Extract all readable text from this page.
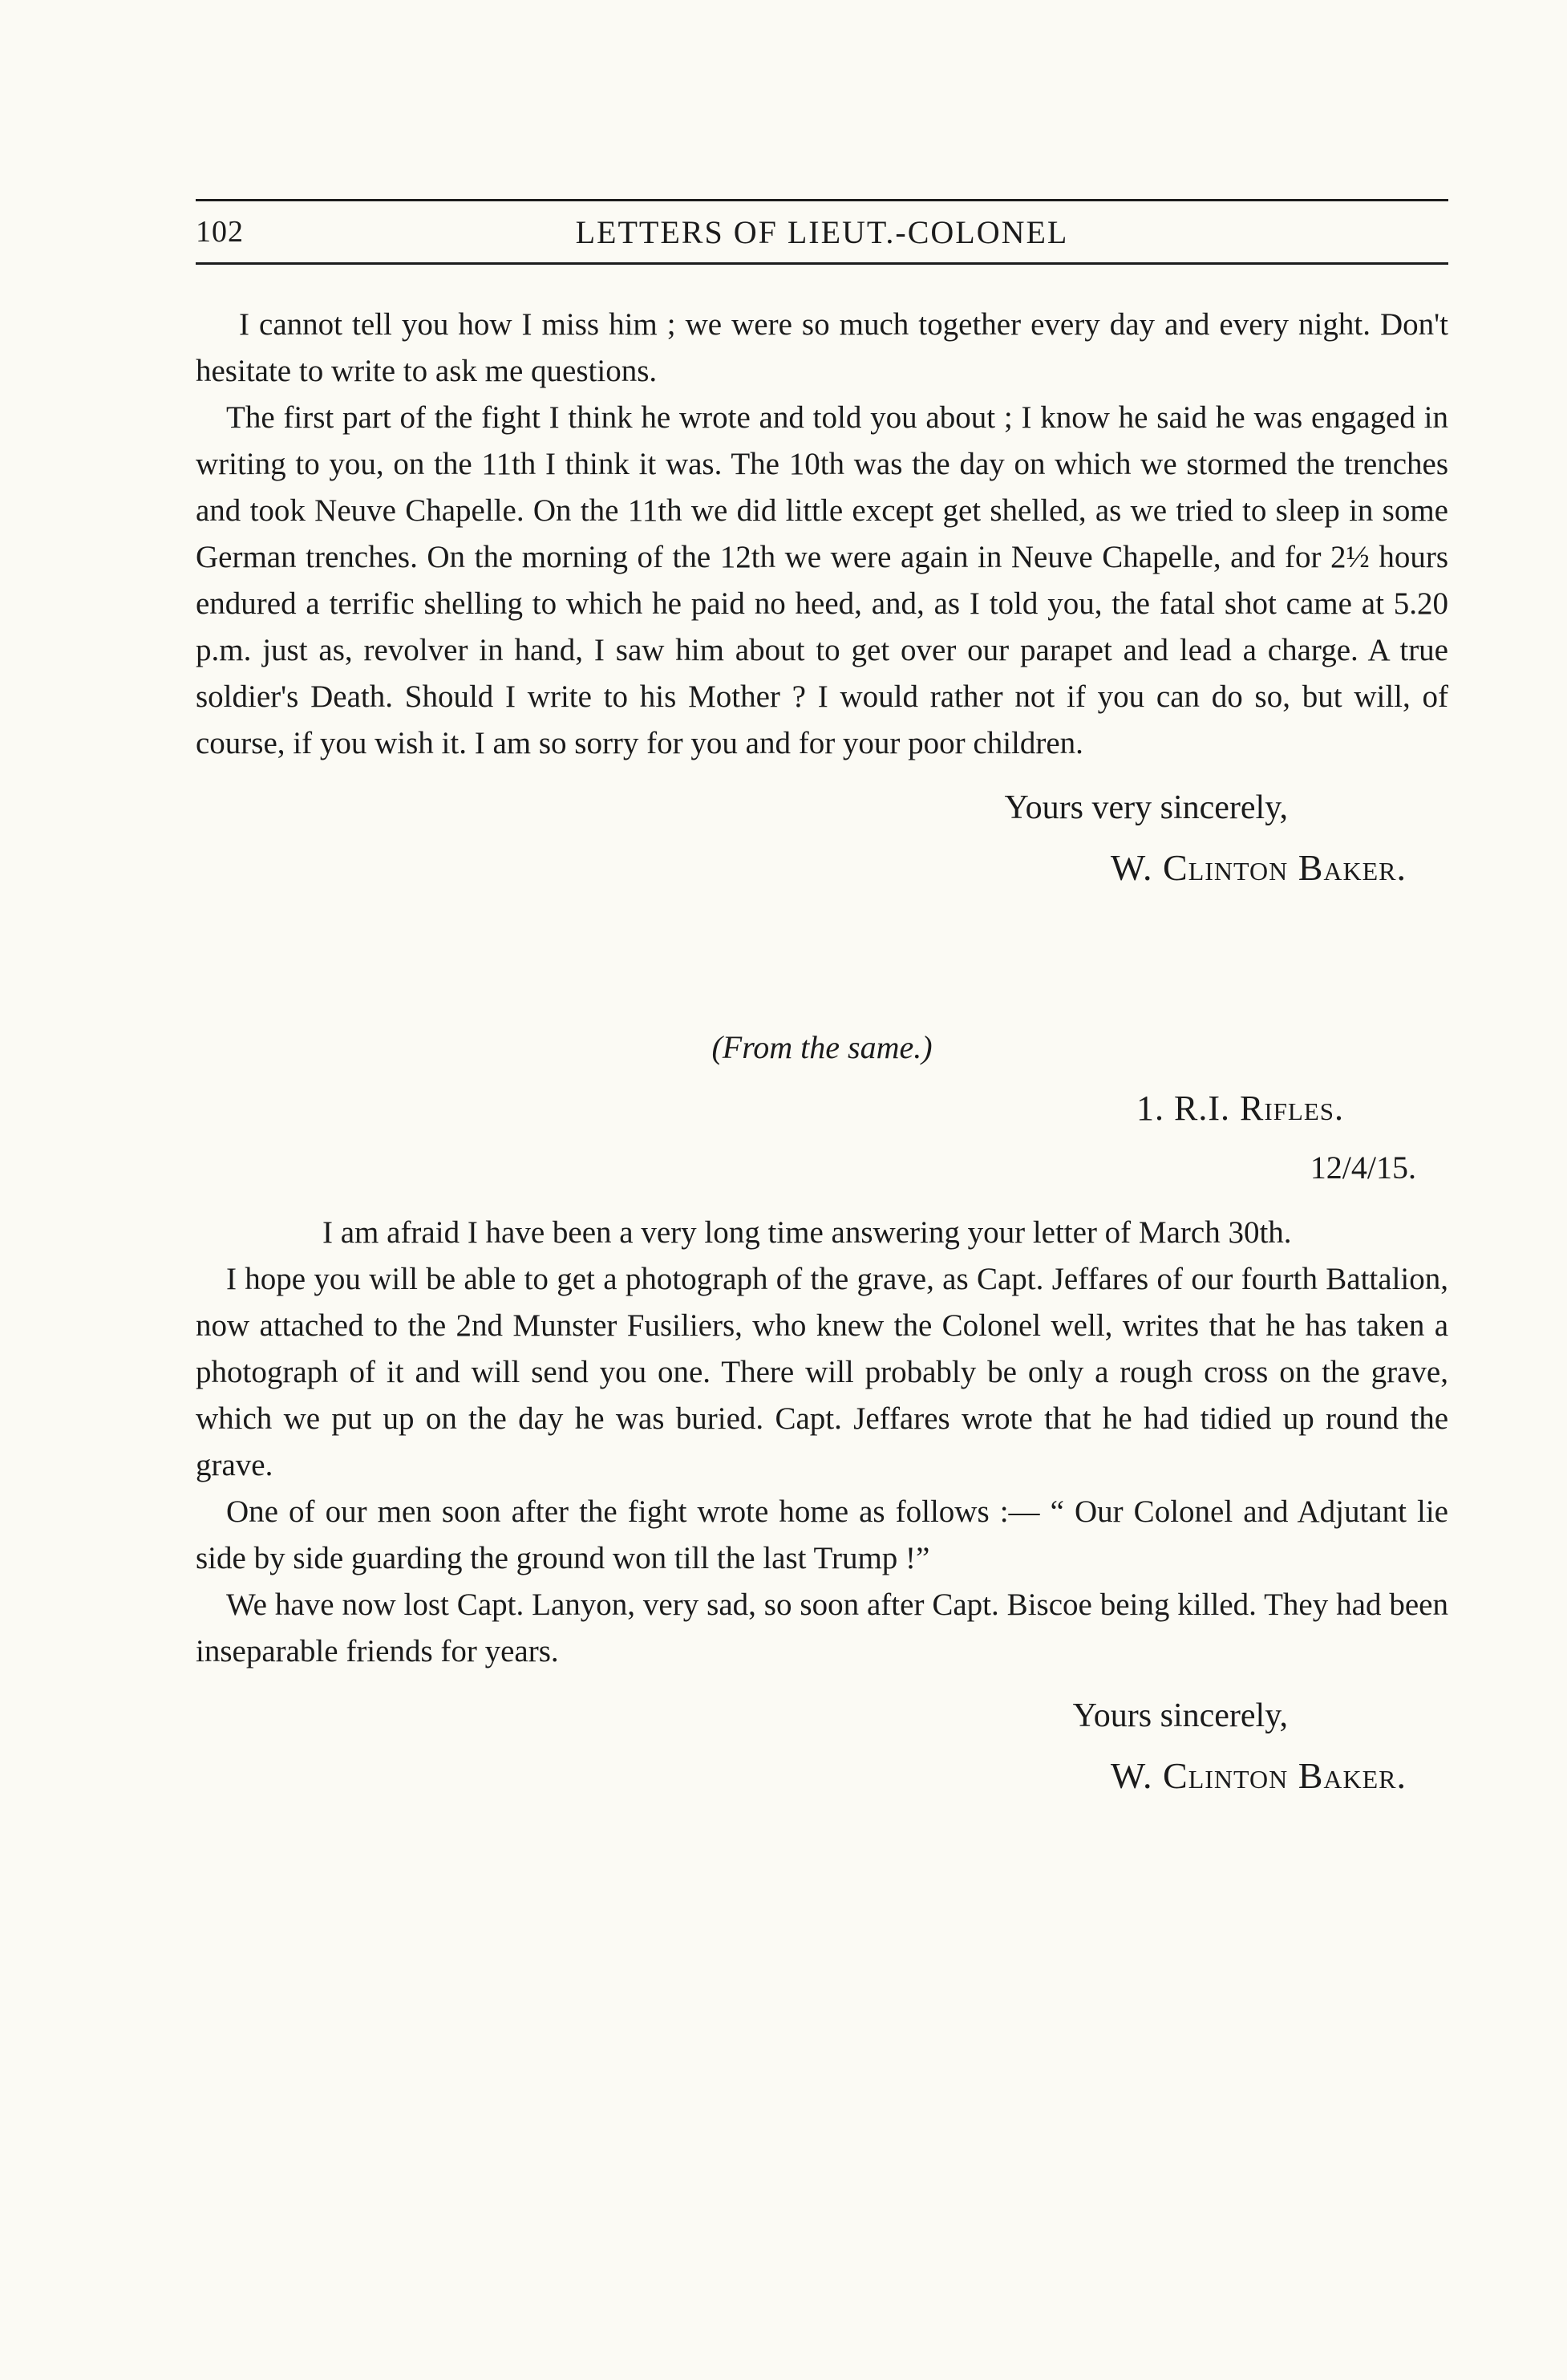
102	LETTERS OF LIEUT.-COLONEL

I cannot tell you how I miss him ; we were so much together every day and every night. Don't hesitate to write to ask me questions.

The first part of the fight I think he wrote and told you about ; I know he said he was engaged in writing to you, on the 11th I think it was. The 10th was the day on which we stormed the trenches and took Neuve Chapelle. On the 11th we did little except get shelled, as we tried to sleep in some German trenches. On the morning of the 12th we were again in Neuve Chapelle, and for 2½ hours endured a terrific shelling to which he paid no heed, and, as I told you, the fatal shot came at 5.20 p.m. just as, revolver in hand, I saw him about to get over our parapet and lead a charge. A true soldier's Death. Should I write to his Mother ? I would rather not if you can do so, but will, of course, if you wish it. I am so sorry for you and for your poor children.

Yours very sincerely,
W. Clinton Baker.
(From the same.)
1. R.I. Rifles.
12/4/15.

I am afraid I have been a very long time answering your letter of March 30th.

I hope you will be able to get a photograph of the grave, as Capt. Jeffares of our fourth Battalion, now attached to the 2nd Munster Fusiliers, who knew the Colonel well, writes that he has taken a photograph of it and will send you one. There will probably be only a rough cross on the grave, which we put up on the day he was buried. Capt. Jeffares wrote that he had tidied up round the grave.

One of our men soon after the fight wrote home as follows :— “ Our Colonel and Adjutant lie side by side guarding the ground won till the last Trump !”

We have now lost Capt. Lanyon, very sad, so soon after Capt. Biscoe being killed. They had been inseparable friends for years.

Yours sincerely,
W. Clinton Baker.
